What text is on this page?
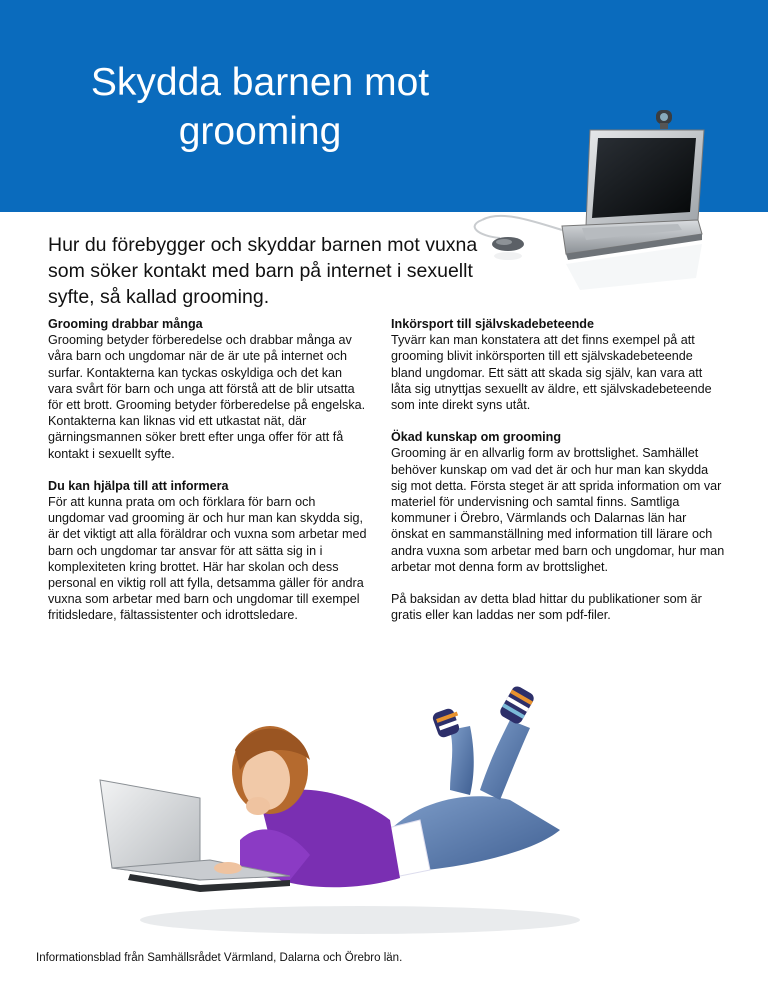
Skydda barnen mot
grooming

Hur du förebygger och skyddar barnen mot vuxna som söker kontakt med barn på internet i sexuellt syfte, så kallad grooming.

Grooming drabbar många

Grooming betyder förberedelse och drabbar många av våra barn och ungdomar när de är ute på internet och surfar. Kontakterna kan tyckas oskyldiga och det kan vara svårt för barn och unga att förstå att de blir utsatta för ett brott. Grooming betyder förberedelse på engelska. Kontakterna kan liknas vid ett utkastat nät, där gärningsmannen söker brett efter unga offer för att få kontakt i sexuellt syfte.

Du kan hjälpa till att informera

För att kunna prata om och förklara för barn och ungdomar vad grooming är och hur man kan skydda sig, är det viktigt att alla föräldrar och vuxna som arbetar med barn och ungdomar tar ansvar för att sätta sig in i komplexiteten kring brottet. Här har skolan och dess personal en viktig roll att fylla, detsamma gäller för andra vuxna som arbetar med barn och ungdomar till exempel fritidsledare, fältassistenter och idrottsledare.

Inkörsport till självskadebeteende

Tyvärr kan man konstatera att det finns exempel på att grooming blivit inkörsporten till ett självskadebeteende bland ungdomar. Ett sätt att skada sig själv, kan vara att låta sig utnyttjas sexuellt av äldre, ett självskadebeteende som inte direkt syns utåt.

Ökad kunskap om grooming

Grooming är en allvarlig form av brottslighet. Samhället behöver kunskap om vad det är och hur man kan skydda sig mot detta. Första steget är att sprida information om var materiel för undervisning och samtal finns. Samtliga kommuner i Örebro, Värmlands och Dalarnas län har önskat en sammanställning med information till lärare och andra vuxna som arbetar med barn och ungdomar, hur man arbetar mot denna form av brottslighet.

På baksidan av detta blad hittar du publikationer som är gratis eller kan laddas ner som pdf-filer.

Informationsblad från Samhällsrådet Värmland, Dalarna och Örebro län.
